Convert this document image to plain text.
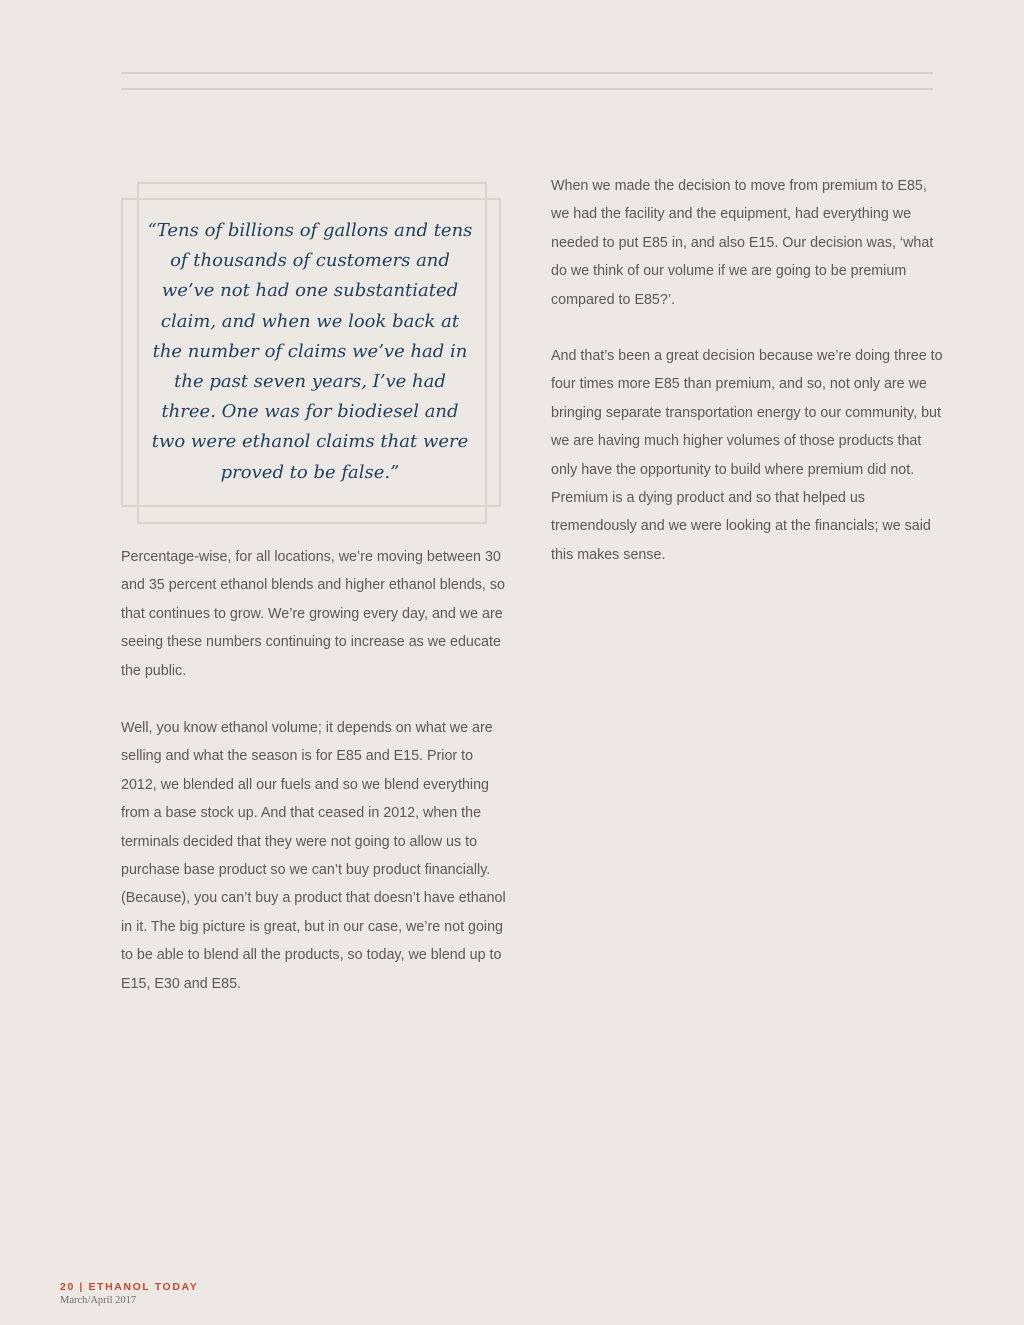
“Tens of billions of gallons and tens of thousands of customers and we’ve not had one substantiated claim, and when we look back at the number of claims we’ve had in the past seven years, I’ve had three. One was for biodiesel and two were ethanol claims that were proved to be false.”

Percentage-wise, for all locations, we’re moving between 30 and 35 percent ethanol blends and higher ethanol blends, so that continues to grow. We’re growing every day, and we are seeing these numbers continuing to increase as we educate the public.

Well, you know ethanol volume; it depends on what we are selling and what the season is for E85 and E15. Prior to 2012, we blended all our fuels and so we blend everything from a base stock up. And that ceased in 2012, when the terminals decided that they were not going to allow us to purchase base product so we can’t buy product financially. (Because), you can’t buy a product that doesn’t have ethanol in it. The big picture is great, but in our case, we’re not going to be able to blend all the products, so today, we blend up to E15, E30 and E85.

When we made the decision to move from premium to E85, we had the facility and the equipment, had everything we needed to put E85 in, and also E15. Our decision was, ‘what do we think of our volume if we are going to be premium compared to E85?’.

And that’s been a great decision because we’re doing three to four times more E85 than premium, and so, not only are we bringing separate transportation energy to our community, but we are having much higher volumes of those products that only have the opportunity to build where premium did not. Premium is a dying product and so that helped us tremendously and we were looking at the financials; we said this makes sense.

20 | ETHANOL TODAY
March/April 2017
